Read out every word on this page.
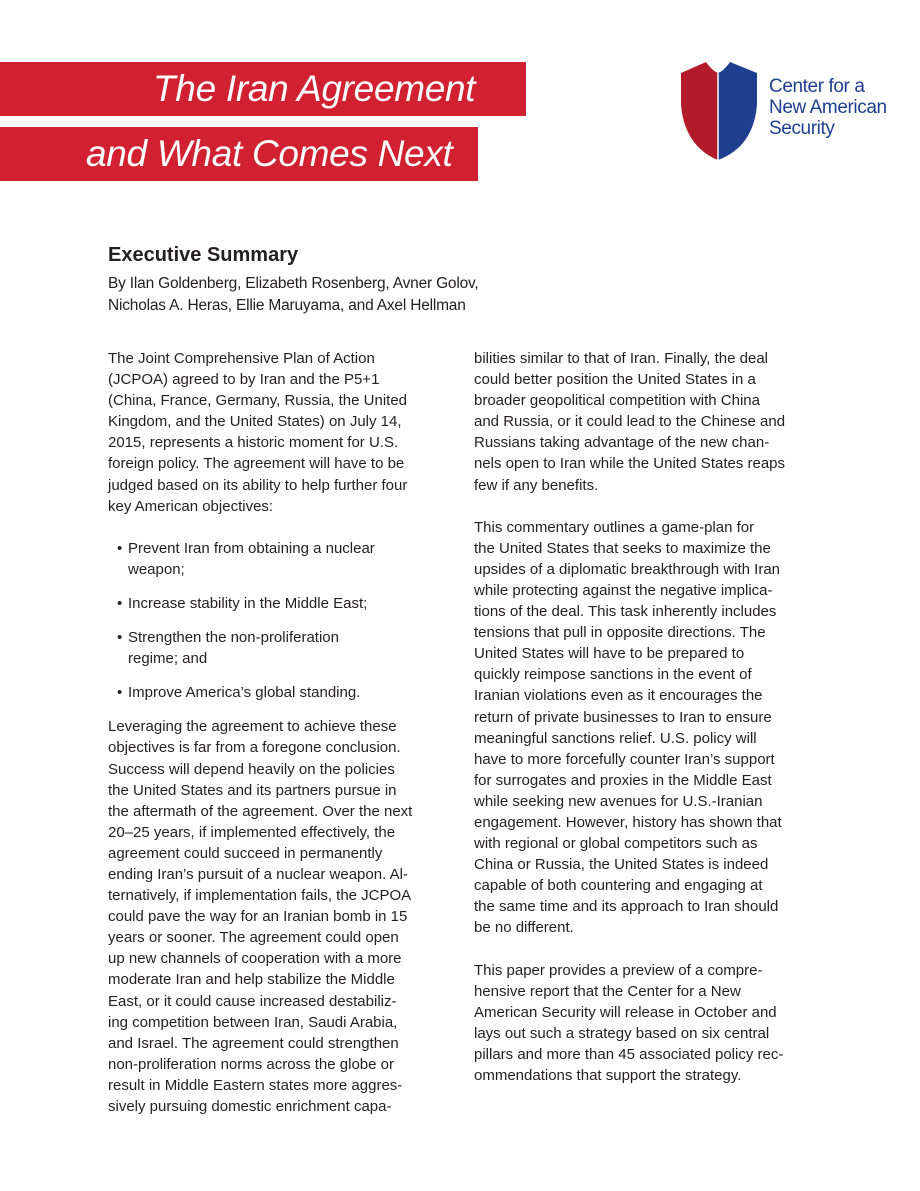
The Iran Agreement
and What Comes Next
Center for a
New American
Security
Executive Summary
By Ilan Goldenberg, Elizabeth Rosenberg, Avner Golov,
Nicholas A. Heras, Ellie Maruyama, and Axel Hellman
The Joint Comprehensive Plan of Action
(JCPOA) agreed to by Iran and the P5+1
(China, France, Germany, Russia, the United
Kingdom, and the United States) on July 14,
2015, represents a historic moment for U.S.
foreign policy. The agreement will have to be
judged based on its ability to help further four
key American objectives:
• Prevent Iran from obtaining a nuclear
weapon;
• Increase stability in the Middle East;
• Strengthen the non-proliferation
regime; and
• Improve America’s global standing.
Leveraging the agreement to achieve these
objectives is far from a foregone conclusion.
Success will depend heavily on the policies
the United States and its partners pursue in
the aftermath of the agreement. Over the next
20–25 years, if implemented effectively, the
agreement could succeed in permanently
ending Iran’s pursuit of a nuclear weapon. Al-
ternatively, if implementation fails, the JCPOA
could pave the way for an Iranian bomb in 15
years or sooner. The agreement could open
up new channels of cooperation with a more
moderate Iran and help stabilize the Middle
East, or it could cause increased destabiliz-
ing competition between Iran, Saudi Arabia,
and Israel. The agreement could strengthen
non-proliferation norms across the globe or
result in Middle Eastern states more aggres-
sively pursuing domestic enrichment capa-
bilities similar to that of Iran. Finally, the deal
could better position the United States in a
broader geopolitical competition with China
and Russia, or it could lead to the Chinese and
Russians taking advantage of the new chan-
nels open to Iran while the United States reaps
few if any benefits.
This commentary outlines a game-plan for
the United States that seeks to maximize the
upsides of a diplomatic breakthrough with Iran
while protecting against the negative implica-
tions of the deal. This task inherently includes
tensions that pull in opposite directions. The
United States will have to be prepared to
quickly reimpose sanctions in the event of
Iranian violations even as it encourages the
return of private businesses to Iran to ensure
meaningful sanctions relief. U.S. policy will
have to more forcefully counter Iran’s support
for surrogates and proxies in the Middle East
while seeking new avenues for U.S.-Iranian
engagement. However, history has shown that
with regional or global competitors such as
China or Russia, the United States is indeed
capable of both countering and engaging at
the same time and its approach to Iran should
be no different.
This paper provides a preview of a compre-
hensive report that the Center for a New
American Security will release in October and
lays out such a strategy based on six central
pillars and more than 45 associated policy rec-
ommendations that support the strategy.
